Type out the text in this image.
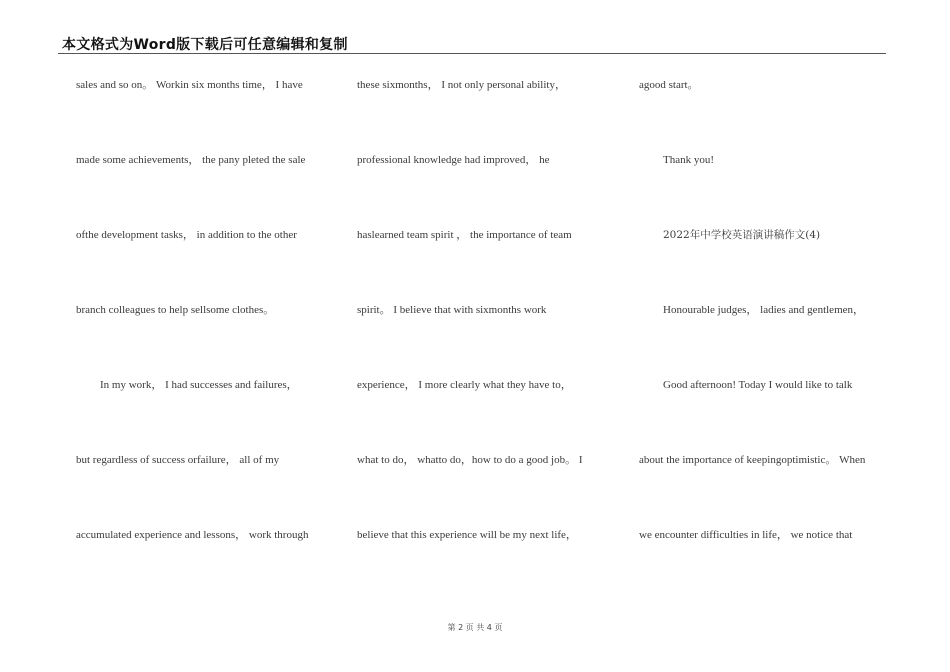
本文格式为Word版下载后可任意编辑和复制
sales and so on。 Workin six months time， I have
made some achievements， the pany pleted the sale
ofthe development tasks， in addition to the other
branch colleagues to help sellsome clothes。
In my work， I had successes and failures，
but regardless of success orfailure， all of my
accumulated experience and lessons， work through
these sixmonths， I not only personal ability，
professional knowledge had improved， he
haslearned team spirit ， the importance of team
spirit。 I believe that with sixmonths work
experience， I more clearly what they have to，
what to do， whatto do，how to do a good job。 I
believe that this experience will be my next life，
agood start。
Thank you!
2022年中学校英语演讲稿作文(4)
Honourable judges， ladies and gentlemen，
Good afternoon! Today I would like to talk
about the importance of keepingoptimistic。 When
we encounter difficulties in life， we notice that
第 2 页 共 4 页
